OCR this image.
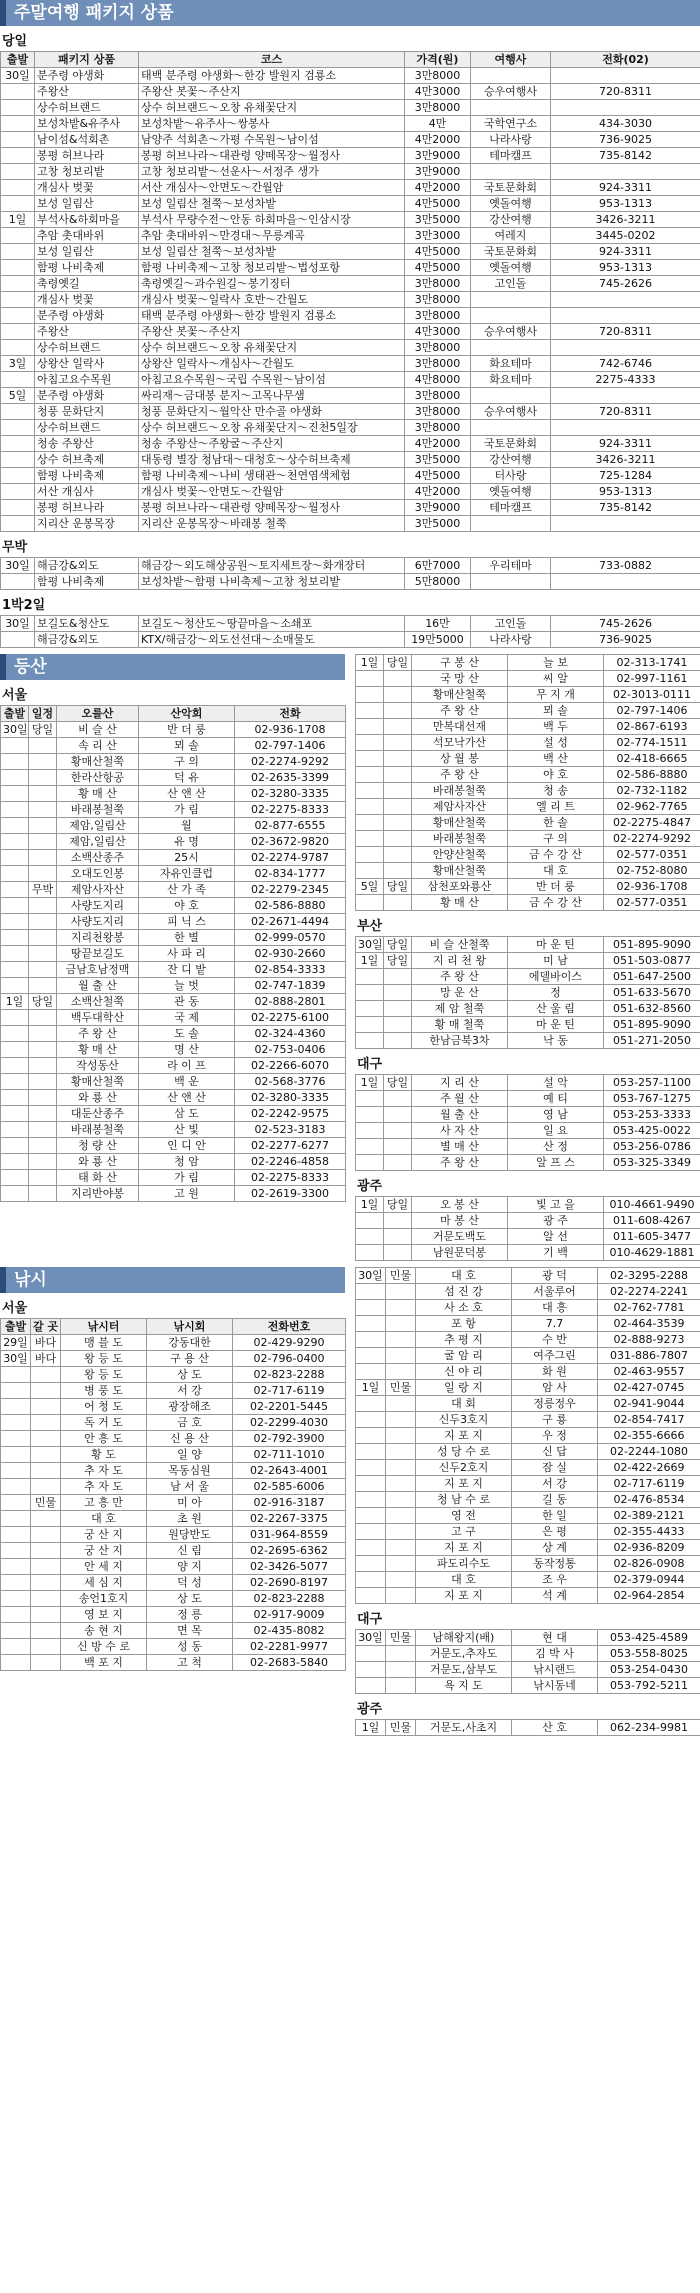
주말여행 패키지 상품
당일
출발	패키지 상품	코스	가격(원)	여행사	전화(02)
30일	분주령 야생화	태백 분주령 야생화～한강 발원지 검룡소	3만8000		
	주왕산	주왕산 봇꽃～주산지	4만3000	승우여행사	720-8311
	상수허브랜드	상수 허브랜드～오창 유채꽃단지	3만8000		
	보성차밭&유주사	보성차밭～유주사～쌍봉사	4만	국학연구소	434-3030
	남이섬&석회촌	남양주 석회촌～가평 수목원～남이섬	4만2000	나라사랑	736-9025
	봉평 허브나라	봉평 허브나라～대관령 양떼목장～월정사	3만9000	테마캠프	735-8142
	고창 청보리밭	고창 청보리밭～선운사～서정주 생가	3만9000		
	개심사 벚꽃	서산 개심사～안면도～간월암	4만2000	국토문화회	924-3311
	보성 일림산	보성 일림산 철쭉～보성차밭	4만5000	옛돌여행	953-1313
1일	부석사&하회마을	부석사 무량수전～안동 하회마을～인삼시장	3만5000	강산여행	3426-3211
	추암 촛대바위	추암 촛대바위～만경대～무릉계곡	3만3000	여레지	3445-0202
	보성 일림산	보성 일림산 철쭉～보성차밭	4만5000	국토문화회	924-3311
	함평 나비축제	함평 나비축제～고창 청보리밭～법성포항	4만5000	옛돌여행	953-1313
	축령옛길	축령옛길～과수원길～봉기징터	3만8000	고인돌	745-2626
	개심사 벚꽃	개심사 벚꽃～일락사 호반～간월도	3만8000		
	분주령 야생화	태백 분주령 야생화～한강 발원지 검룡소	3만8000		
	주왕산	주왕산 봇꽃～주산지	4만3000	승우여행사	720-8311
	상수허브랜드	상수 허브랜드～오창 유채꽃단지	3만8000		
3일	상왕산 일락사	상왕산 일락사～개심사～간월도	3만8000	화요테마	742-6746
	아침고요수목원	아침고요수목원～국립 수목원～남이섬	4만8000	화요테마	2275-4333
5일	분주령 야생화	싸리재～금대봉 분지～고목나무샘	3만8000		
	청풍 문화단지	청풍 문화단지～월악산 만수골 야생화	3만8000	승우여행사	720-8311
	상수허브랜드	상수 허브랜드～오창 유채꽃단지～진천5일장	3만8000		
	청송 주왕산	청송 주왕산～주왕굴～주산지	4만2000	국토문화회	924-3311
	상수 허브축제	대동령 별장 청남대～대청호～상수허브축제	3만5000	강산여행	3426-3211
	함평 나비축제	함평 나비축제～나비 생태관～천연염색체험	4만5000	터사랑	725-1284
	서산 개심사	개심사 벚꽃～안면도～간월암	4만2000	옛돌여행	953-1313
	봉평 허브나라	봉평 허브나라～대관령 양떼목장～월정사	3만9000	테마캠프	735-8142
	지리산 운봉목장	지리산 운봉목장～바래봉 철쭉	3만5000		
무박
30일	해금강&외도	해금강～외도해상공원～토지세트장～화개장터	6만7000	우리테마	733-0882
	함평 나비축제	보성차밭～함평 나비축제～고창 청보리밭	5만8000		
1박2일
30일	보길도&청산도	보길도～청산도～땅끝마을～소쇄포	16만	고인돌	745-2626
	해금강&외도	KTX/해금강～외도선선대～소매물도	19만5000	나라사랑	736-9025
등산
서울
출발	일정	오를산	산악회	전화
30일	당일	비 슬 산	반 더 룽	02-936-1708
		속 리 산	뫼 솔	02-797-1406
		황매산철쭉	구 의	02-2274-9292
		한라산항공	덕 유	02-2635-3399
		황 매 산	산 앤 산	02-3280-3335
		바래봉철쭉	가 림	02-2275-8333
		제암,일림산	월	02-877-6555
		제암,일림산	유 명	02-3672-9820
		소백산종주	25시	02-2274-9787
		오대도인봉	자유인클럽	02-834-1777
	무박	제암사자산	산 가 족	02-2279-2345
		사량도지리	야 호	02-586-8880
		사량도지리	피 닉 스	02-2671-4494
		지리천왕봉	한 별	02-999-0570
		땅끝보길도	사 파 리	02-930-2660
		금남호남정맥	잔 디 밭	02-854-3333
		월 출 산	늘 벗	02-747-1839
1일	당일	소백산철쭉	관 동	02-888-2801
		백두대학산	국 제	02-2275-6100
		주 왕 산	도 솔	02-324-4360
		황 매 산	명 산	02-753-0406
		작성동산	라 이 프	02-2266-6070
		황매산철쭉	백 운	02-568-3776
		와 룡 산	산 앤 산	02-3280-3335
		대둔산종주	삼 도	02-2242-9575
		바래봉철쭉	산 빛	02-523-3183
		청 량 산	인 디 안	02-2277-6277
		와 룡 산	청 암	02-2246-4858
		태 화 산	가 림	02-2275-8333
		지리반야봉	고 원	02-2619-3300
1일	당일	구 봉 산	늘 보	02-313-1741
		국 망 산	씨 알	02-997-1161
		황매산철쭉	무 지 개	02-3013-0111
		주 왕 산	뫼 솔	02-797-1406
		만복대선재	백 두	02-867-6193
		석모낙가산	설 성	02-774-1511
		상 월 봉	백 산	02-418-6665
		주 왕 산	야 호	02-586-8880
		바래봉철쭉	청 송	02-732-1182
		제암사자산	엘 리 트	02-962-7765
		황매산철쭉	한 솔	02-2275-4847
		바래봉철쭉	구 의	02-2274-9292
		안양산철쭉	금 수 강 산	02-577-0351
		황매산철쭉	대 호	02-752-8080
5일	당일	삼천포와룡산	반 더 룽	02-936-1708
		황 매 산	금 수 강 산	02-577-0351
부산
30일	당일	비 슬 산철쭉	마 운 틴	051-895-9090
1일	당일	지 리 천 왕	미 남	051-503-0877
		주 왕 산	에델바이스	051-647-2500
		망 운 산	정	051-633-5670
		제 암 철쭉	산 울 림	051-632-8560
		황 매 철쭉	마 운 틴	051-895-9090
		한남금북3차	낙 동	051-271-2050
대구
1일	당일	지 리 산	설 악	053-257-1100
		주 월 산	예 티	053-767-1275
		월 출 산	영 남	053-253-3333
		사 자 산	일 요	053-425-0022
		별 매 산	산 정	053-256-0786
		주 왕 산	알 프 스	053-325-3349
광주
1일	당일	오 봉 산	빛 고 을	010-4661-9490
		마 봉 산	광 주	011-608-4267
		거문도백도	알 선	011-605-3477
		남원문덕봉	기 백	010-4629-1881
낚시
서울
출발	갈 곳	낚시터	낚시회	전화번호
29일	바다	맹 블 도	강동대한	02-429-9290
30일	바다	왕 등 도	구 용 산	02-796-0400
		왕 등 도	상 도	02-823-2288
		병 풍 도	서 강	02-717-6119
		어 청 도	광장해조	02-2201-5445
		독 거 도	금 호	02-2299-4030
		안 흥 도	신 용 산	02-792-3900
		황 도	일 양	02-711-1010
		추 자 도	목동심원	02-2643-4001
		추 자 도	남 서 울	02-585-6006
	민물	고 흥 만	미 아	02-916-3187
		대 호	초 원	02-2267-3375
		궁 산 지	원당반도	031-964-8559
		궁 산 지	신 림	02-2695-6362
		안 세 지	양 지	02-3426-5077
		세 심 지	덕 성	02-2690-8197
		송언1호지	상 도	02-823-2288
		영 보 지	정 릉	02-917-9009
		송 현 지	면 목	02-435-8082
		신 방 수 로	성 동	02-2281-9977
		백 포 지	고 척	02-2683-5840
30일	민물	대 호	광 덕	02-3295-2288
		섬 진 강	서울루어	02-2274-2241
		사 소 호	대 흥	02-762-7781
		포 항	7.7	02-464-3539
		추 평 지	수 반	02-888-9273
		굴 암 리	여주그린	031-886-7807
		신 야 리	화 원	02-463-9557
1일	민물	일 랑 지	암 사	02-427-0745
		대 회	정릉정우	02-941-9044
		신두3호지	구 룡	02-854-7417
		지 포 지	우 정	02-355-6666
		성 당 수 로	신 답	02-2244-1080
		신두2호지	잠 실	02-422-2669
		지 포 지	서 강	02-717-6119
		청 남 수 로	길 동	02-476-8534
		영 전	한 일	02-389-2121
		고 구	은 평	02-355-4433
		지 포 지	상 계	02-936-8209
		파도리수도	동작정통	02-826-0908
		대 호	조 우	02-379-0944
		지 포 지	석 계	02-964-2854
대구
30일	민물	남해왕지(배)	현 대	053-425-4589
		거문도,추자도	김 박 사	053-558-8025
		거문도,삼부도	낚시랜드	053-254-0430
		욕 지 도	낚시동네	053-792-5211
광주
1일	민물	거문도,사초지	산 호	062-234-9981
